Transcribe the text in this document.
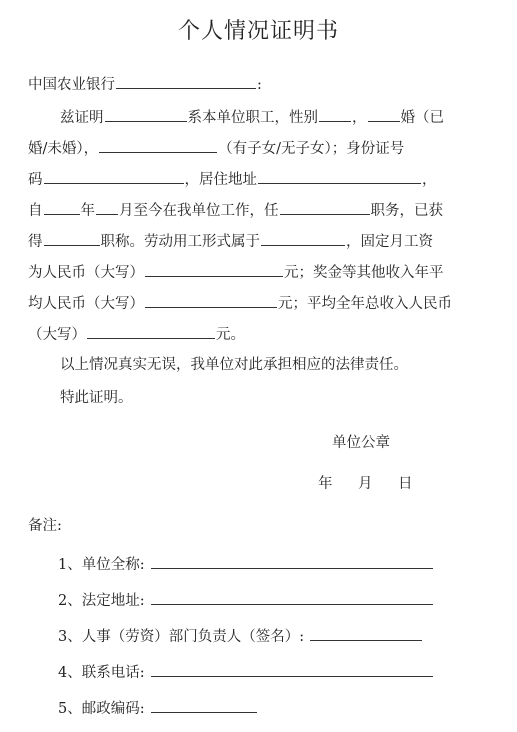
个人情况证明书
中国农业银行	:
兹证明	系本单位职工，性别 ， 婚（已
婚/未婚），	（有子女/无子女）；身份证号
码	，居住地址	，
自	年 月至今在我单位工作，任	职务，已获
得	职称。劳动用工形式属于	，固定月工资
为人民币（大写）	元；奖金等其他收入年平
均人民币（大写）	元；平均全年总收入人民币
（大写）	元。
以上情况真实无误，我单位对此承担相应的法律责任。
特此证明。
单位公章
年 月 日
备注:
1、单位全称:
2、法定地址:
3、人事（劳资）部门负责人（签名）:
4、联系电话:
5、邮政编码:
